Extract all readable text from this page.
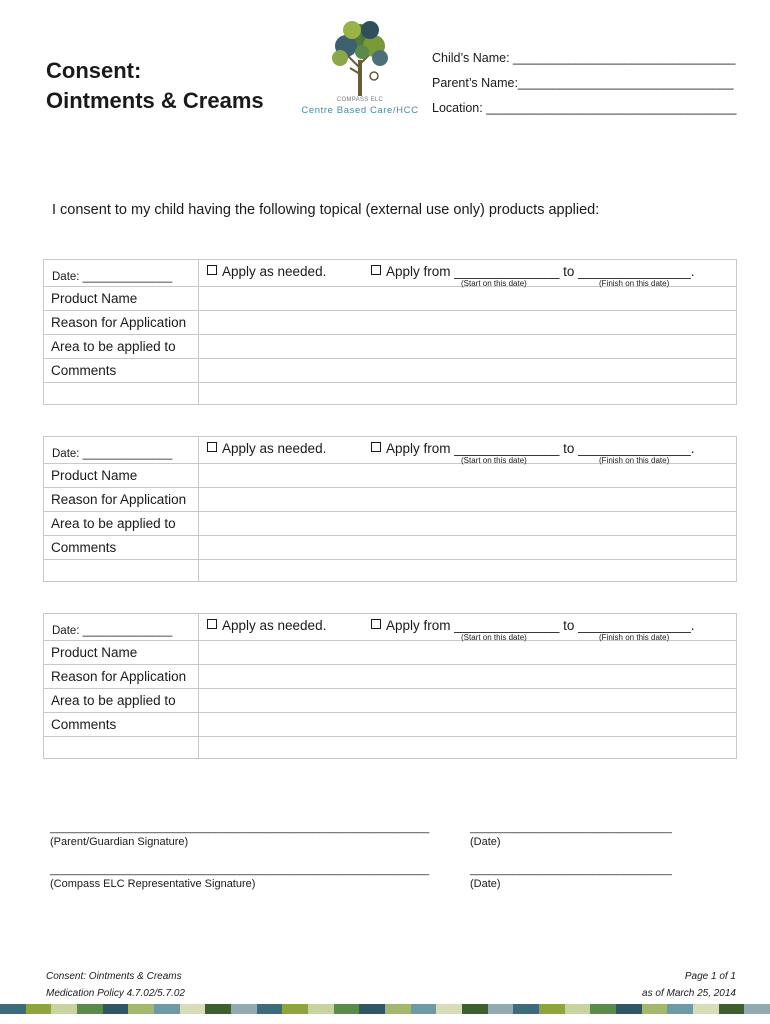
Consent:
Ointments & Creams	COMPASS ELC
Centre Based Care/HCC
Child’s Name: ________________________________
Parent’s Name:_______________________________
Location: ____________________________________
I consent to my child having the following topical (external use only) products applied:
Date: ______________	Apply as needed.	Apply from ______________ to _______________.
(Start on this date)	(Finish on this date)
Product Name
Reason for Application
Area to be applied to
Comments
Date: ______________	Apply as needed.	Apply from ______________ to _______________.
(Start on this date)	(Finish on this date)
Product Name
Reason for Application
Area to be applied to
Comments
Date: ______________	Apply as needed.	Apply from ______________ to _______________.
(Start on this date)	(Finish on this date)
Product Name
Reason for Application
Area to be applied to
Comments
______________________________________________________________	_________________________________
(Parent/Guardian Signature)	(Date)
______________________________________________________________	_________________________________
(Compass ELC Representative Signature)	(Date)
Consent: Ointments & Creams
Medication Policy 4.7.02/5.7.02
Page 1 of 1
as of March 25, 2014
